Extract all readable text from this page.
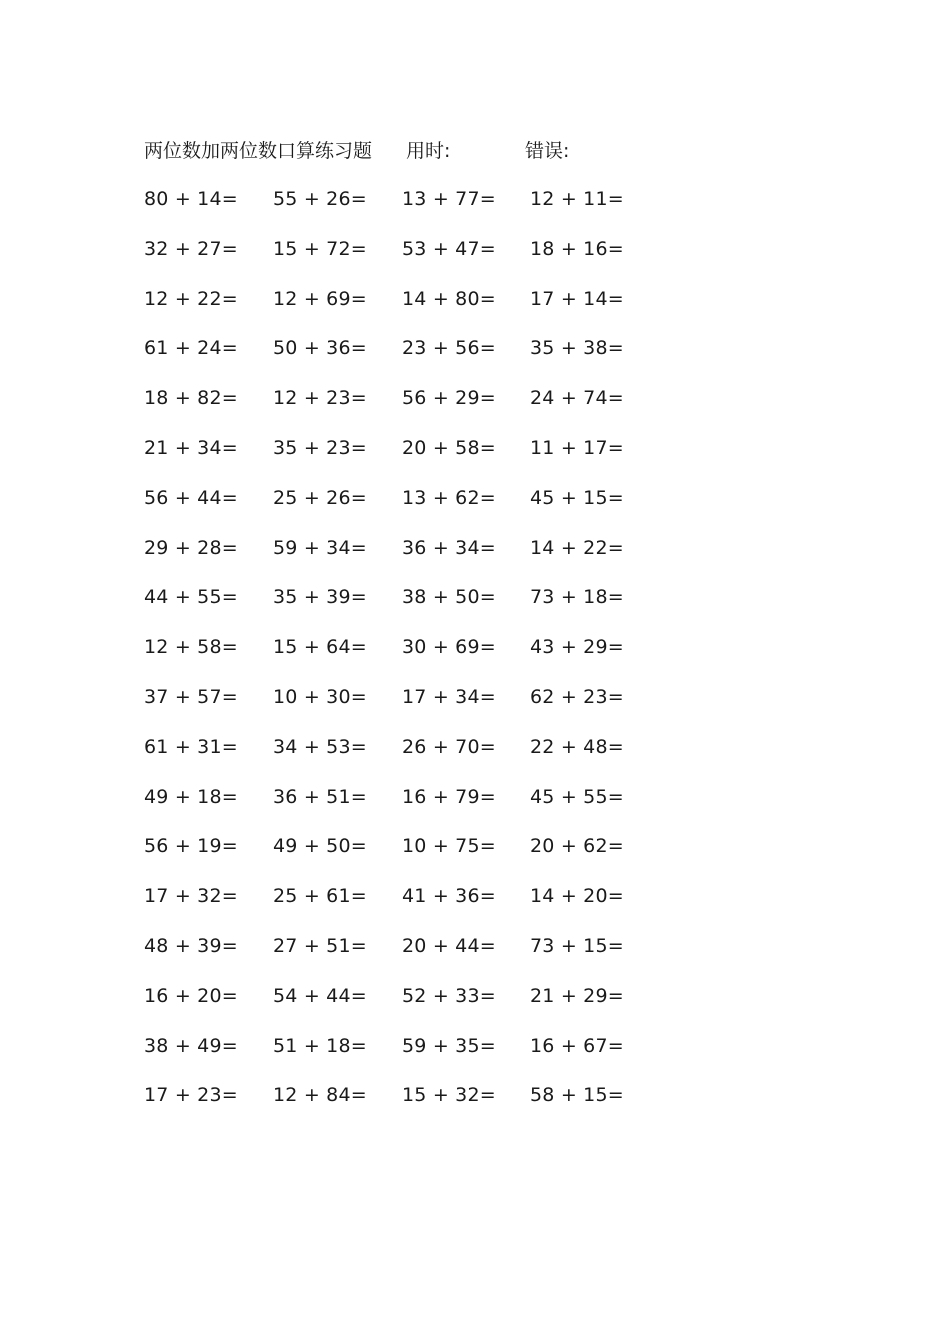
两位数加两位数口算练习题 用时:	错误:
80 + 14= 55 + 26= 13 + 77= 12 + 11=
32 + 27= 15 + 72= 53 + 47= 18 + 16=
12 + 22= 12 + 69= 14 + 80= 17 + 14=
61 + 24= 50 + 36= 23 + 56= 35 + 38=
18 + 82= 12 + 23= 56 + 29= 24 + 74=
21 + 34= 35 + 23= 20 + 58= 11 + 17=
56 + 44= 25 + 26= 13 + 62= 45 + 15=
29 + 28= 59 + 34= 36 + 34= 14 + 22=
44 + 55= 35 + 39= 38 + 50= 73 + 18=
12 + 58= 15 + 64= 30 + 69= 43 + 29=
37 + 57= 10 + 30= 17 + 34= 62 + 23=
61 + 31= 34 + 53= 26 + 70= 22 + 48=
49 + 18= 36 + 51= 16 + 79= 45 + 55=
56 + 19= 49 + 50= 10 + 75= 20 + 62=
17 + 32= 25 + 61= 41 + 36= 14 + 20=
48 + 39= 27 + 51= 20 + 44= 73 + 15=
16 + 20= 54 + 44= 52 + 33= 21 + 29=
38 + 49= 51 + 18= 59 + 35= 16 + 67=
17 + 23= 12 + 84= 15 + 32= 58 + 15=
